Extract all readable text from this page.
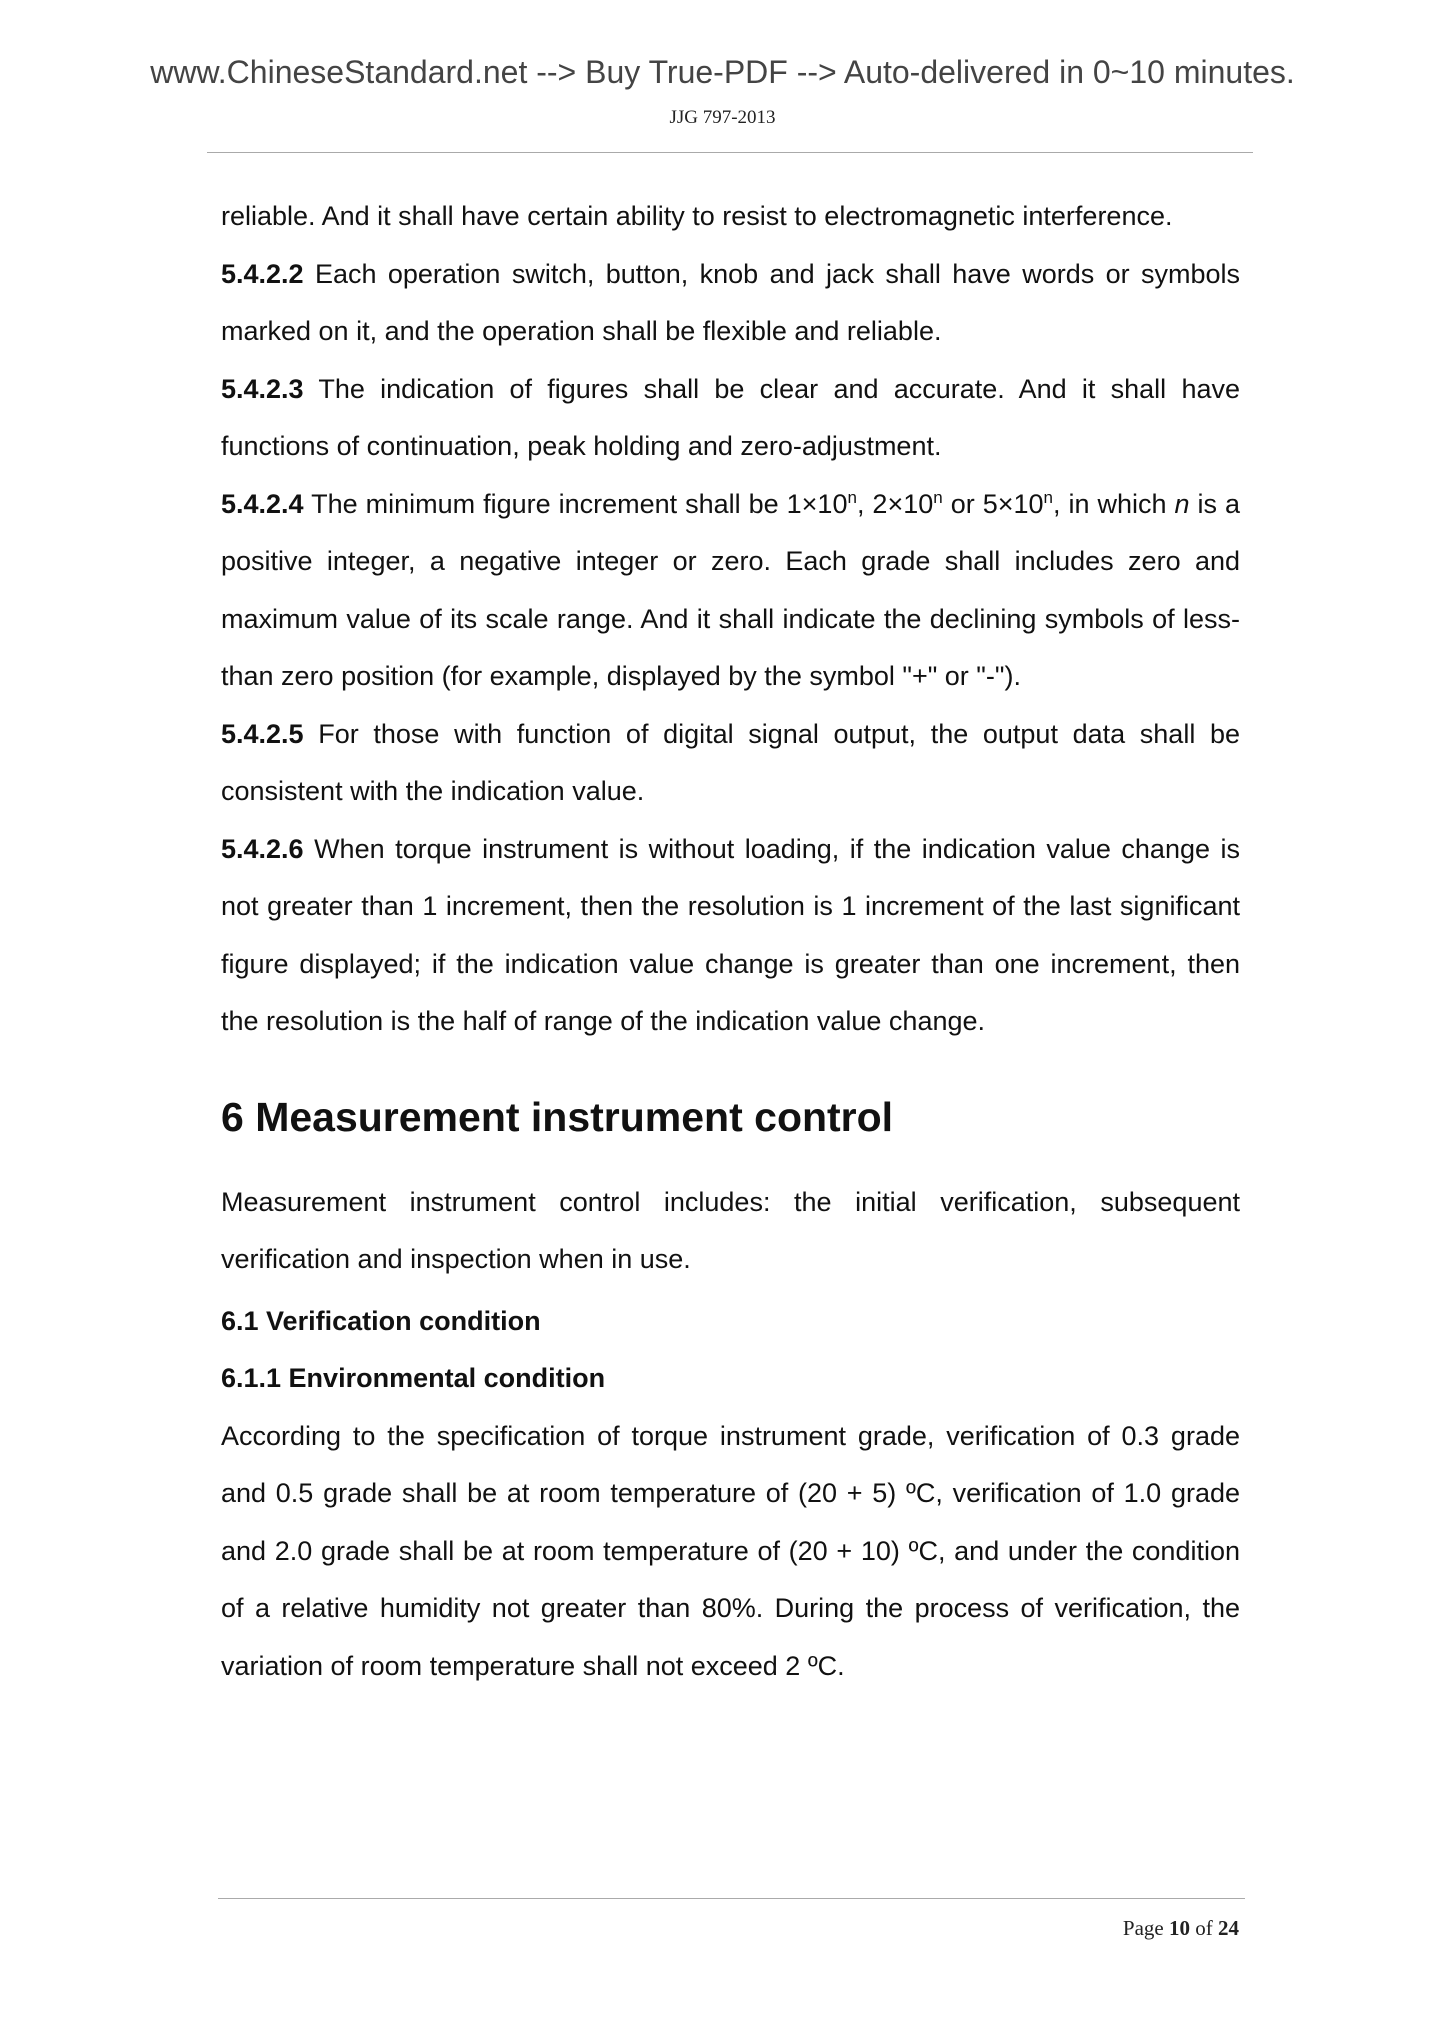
www.ChineseStandard.net --> Buy True-PDF --> Auto-delivered in 0~10 minutes.
JJG 797-2013

reliable. And it shall have certain ability to resist to electromagnetic interference.

5.4.2.2 Each operation switch, button, knob and jack shall have words or symbols marked on it, and the operation shall be flexible and reliable.

5.4.2.3 The indication of figures shall be clear and accurate. And it shall have functions of continuation, peak holding and zero-adjustment.

5.4.2.4 The minimum figure increment shall be $1\times 10^n$, $2\times 10^n$ or $5\times 10^n$, in which n is a positive integer, a negative integer or zero. Each grade shall includes zero and maximum value of its scale range. And it shall indicate the declining symbols of less-than zero position (for example, displayed by the symbol "+" or "-").

5.4.2.5 For those with function of digital signal output, the output data shall be consistent with the indication value.

5.4.2.6 When torque instrument is without loading, if the indication value change is not greater than 1 increment, then the resolution is 1 increment of the last significant figure displayed; if the indication value change is greater than one increment, then the resolution is the half of range of the indication value change.

6 Measurement instrument control

Measurement instrument control includes: the initial verification, subsequent verification and inspection when in use.

6.1 Verification condition

6.1.1 Environmental condition

According to the specification of torque instrument grade, verification of 0.3 grade and 0.5 grade shall be at room temperature of (20 + 5) ºC, verification of 1.0 grade and 2.0 grade shall be at room temperature of (20 + 10) ºC, and under the condition of a relative humidity not greater than 80%. During the process of verification, the variation of room temperature shall not exceed 2 ºC.

Page 10 of 24
